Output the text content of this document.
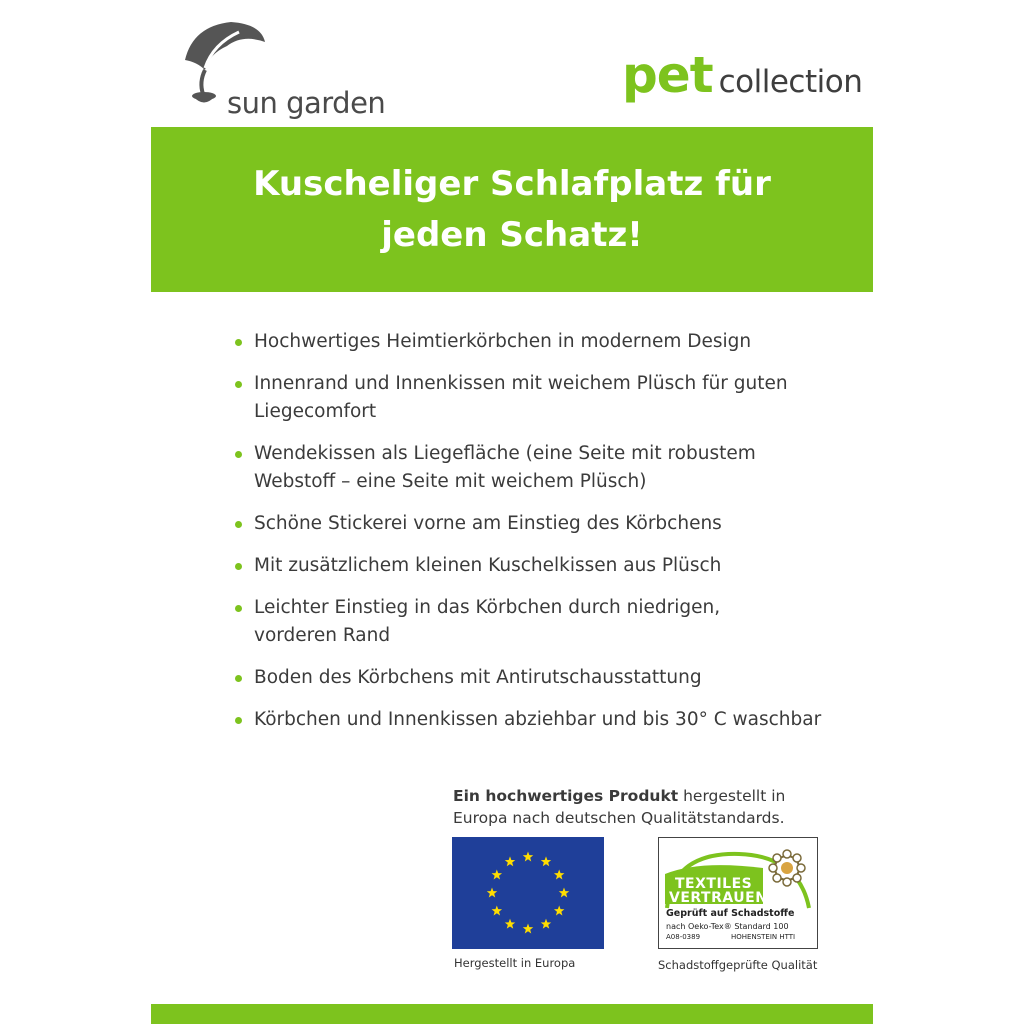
sun garden	pet collection
Kuscheliger Schlafplatz für
jeden Schatz!
Hochwertiges Heimtierkörbchen in modernem Design
Innenrand und Innenkissen mit weichem Plüsch für guten
Liegecomfort
Wendekissen als Liegefläche (eine Seite mit robustem
Webstoff – eine Seite mit weichem Plüsch)
Schöne Stickerei vorne am Einstieg des Körbchens
Mit zusätzlichem kleinen Kuschelkissen aus Plüsch
Leichter Einstieg in das Körbchen durch niedrigen,
vorderen Rand
Boden des Körbchens mit Antirutschausstattung
Körbchen und Innenkissen abziehbar und bis 30° C waschbar
Ein hochwertiges Produkt hergestellt in
Europa nach deutschen Qualitätstandards.
Hergestellt in Europa
TEXTILES
VERTRAUEN
Geprüft auf Schadstoffe
nach Oeko-Tex® Standard 100
A08-0389	HOHENSTEIN HTTI
Schadstoffgeprüfte Qualität
